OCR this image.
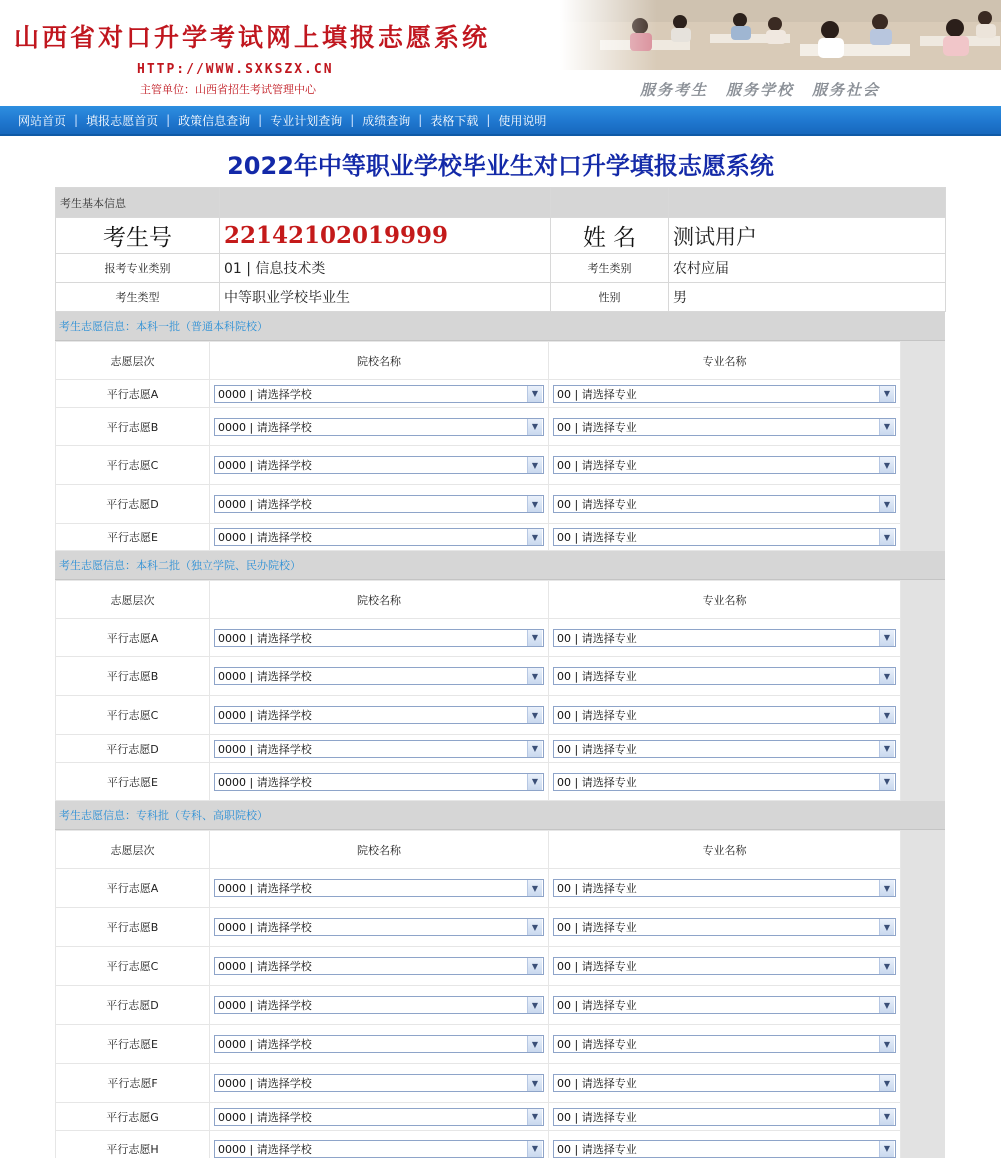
山西省对口升学考试网上填报志愿系统
HTTP://WWW.SXKSZX.CN
主管单位：山西省招生考试管理中心	服务考生 服务学校 服务社会
网站首页 | 填报志愿首页 | 政策信息查询 | 专业计划查询 | 成绩查询 | 表格下载 | 使用说明
2022年中等职业学校毕业生对口升学填报志愿系统
考生基本信息			
考生号	22142102019999	姓 名	测试用户
报考专业类别	01 | 信息技术类	考生类别	农村应届
考生类型	中等职业学校毕业生	性别	男
考生志愿信息：本科一批（普通本科院校）
志愿层次	院校名称	专业名称
平行志愿A	0000 | 请选择学校 ▼	00 | 请选择专业 ▼

平行志愿B	0000 | 请选择学校 ▼	00 | 请选择专业 ▼

平行志愿C	0000 | 请选择学校 ▼	00 | 请选择专业 ▼

平行志愿D	0000 | 请选择学校 ▼	00 | 请选择专业 ▼

平行志愿E	0000 | 请选择学校 ▼	00 | 请选择专业 ▼
考生志愿信息：本科二批（独立学院、民办院校）
志愿层次	院校名称	专业名称
平行志愿A	0000 | 请选择学校 ▼	00 | 请选择专业 ▼

平行志愿B	0000 | 请选择学校 ▼	00 | 请选择专业 ▼

平行志愿C	0000 | 请选择学校 ▼	00 | 请选择专业 ▼

平行志愿D	0000 | 请选择学校 ▼	00 | 请选择专业 ▼

平行志愿E	0000 | 请选择学校 ▼	00 | 请选择专业 ▼
考生志愿信息：专科批（专科、高职院校）
志愿层次	院校名称	专业名称
平行志愿A	0000 | 请选择学校 ▼	00 | 请选择专业 ▼

平行志愿B	0000 | 请选择学校 ▼	00 | 请选择专业 ▼

平行志愿C	0000 | 请选择学校 ▼	00 | 请选择专业 ▼

平行志愿D	0000 | 请选择学校 ▼	00 | 请选择专业 ▼

平行志愿E	0000 | 请选择学校 ▼	00 | 请选择专业 ▼

平行志愿F	0000 | 请选择学校 ▼	00 | 请选择专业 ▼

平行志愿G	0000 | 请选择学校 ▼	00 | 请选择专业 ▼

平行志愿H	0000 | 请选择学校 ▼	00 | 请选择专业 ▼
